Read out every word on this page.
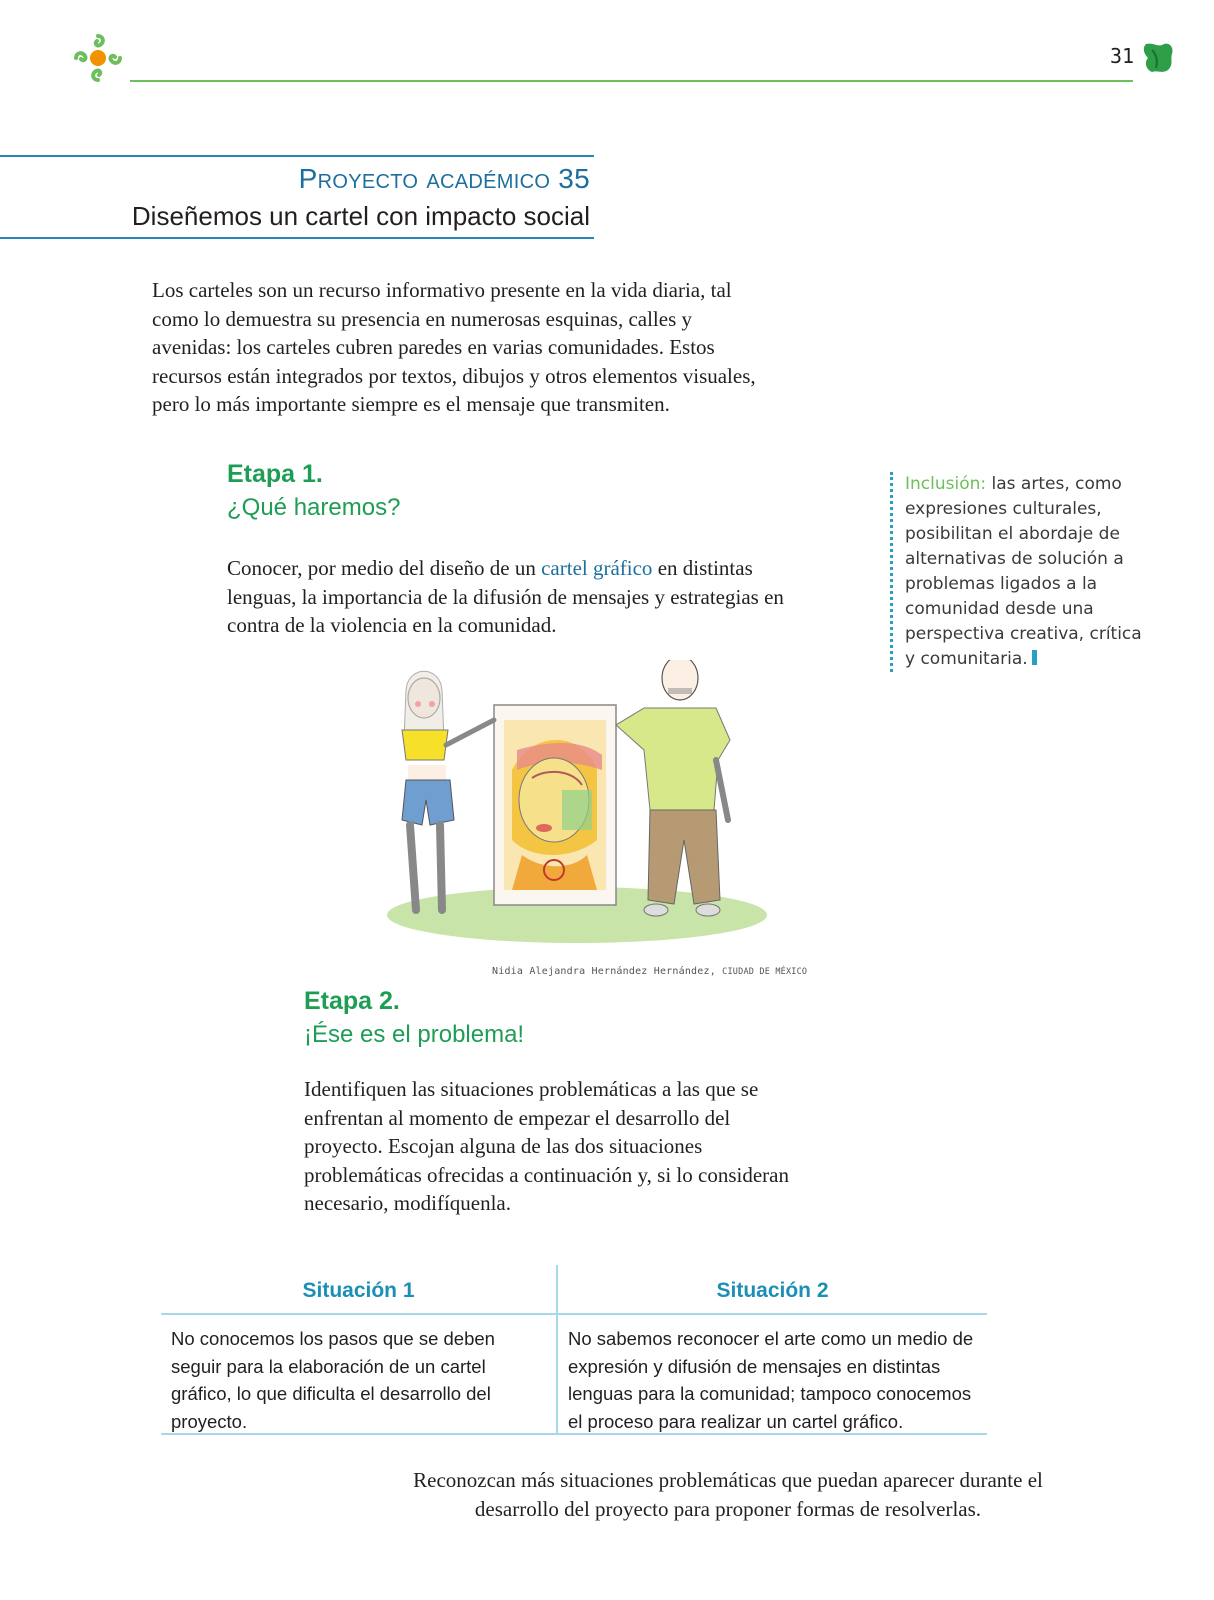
31
Proyecto académico 35
Diseñemos un cartel con impacto social

Los carteles son un recurso informativo presente en la vida diaria, tal como lo demuestra su presencia en numerosas esquinas, calles y avenidas: los carteles cubren paredes en varias comunidades. Estos recursos están integrados por textos, dibujos y otros elementos visuales, pero lo más importante siempre es el mensaje que transmiten.

Etapa 1.
¿Qué haremos?

Conocer, por medio del diseño de un cartel gráfico en distintas lenguas, la importancia de la difusión de mensajes y estrategias en contra de la violencia en la comunidad.

Inclusión: las artes, como expresiones culturales, posibilitan el abordaje de alternativas de solución a problemas ligados a la comunidad desde una perspectiva creativa, crítica y comunitaria.
Nidia Alejandra Hernández Hernández, CIUDAD DE MÉXICO
Etapa 2.
¡Ése es el problema!

Identifiquen las situaciones problemáticas a las que se enfrentan al momento de empezar el desarrollo del proyecto. Escojan alguna de las dos situaciones problemáticas ofrecidas a continuación y, si lo consideran necesario, modifíquenla.

Situación 1
No conocemos los pasos que se deben seguir para la elaboración de un cartel gráfico, lo que dificulta el desarrollo del proyecto.
Situación 2
No sabemos reconocer el arte como un medio de expresión y difusión de mensajes en distintas lenguas para la comunidad; tampoco conocemos el proceso para realizar un cartel gráfico.

Reconozcan más situaciones problemáticas que puedan aparecer durante el desarrollo del proyecto para proponer formas de resolverlas.
